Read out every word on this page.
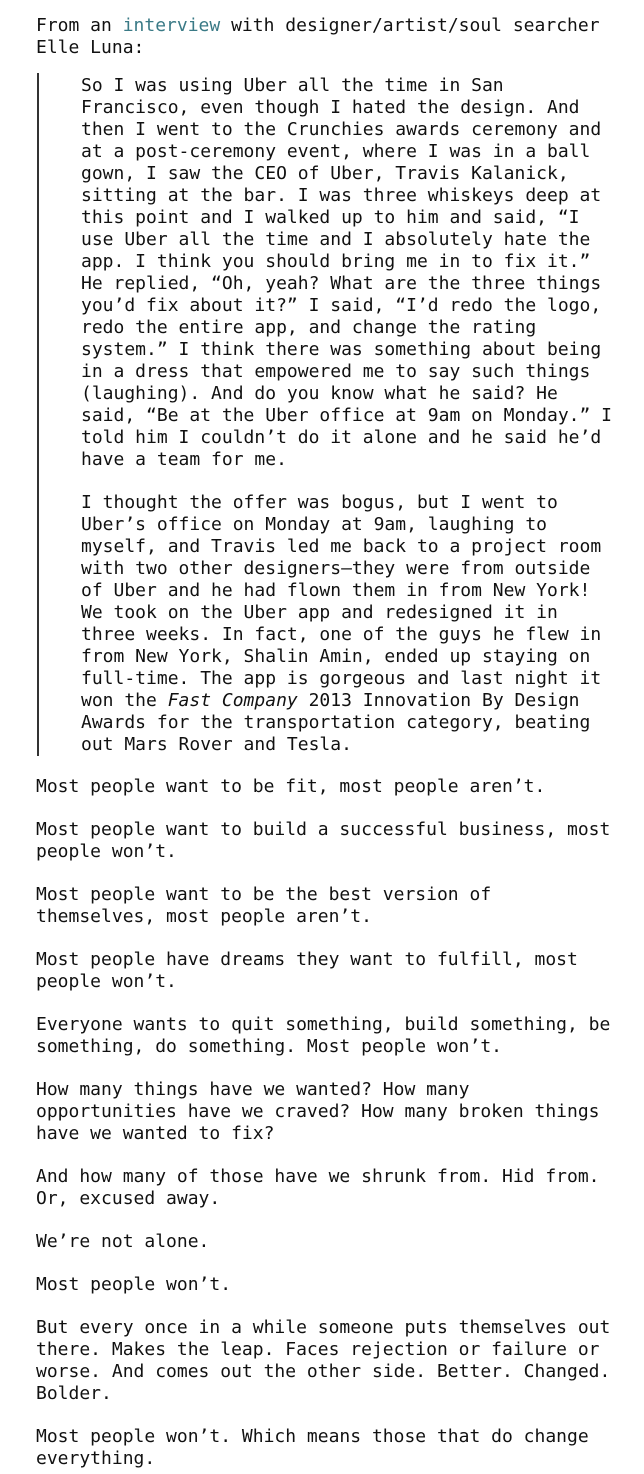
From an interview with designer/artist/soul searcher Elle Luna:

So I was using Uber all the time in San Francisco, even though I hated the design. And then I went to the Crunchies awards ceremony and at a post-ceremony event, where I was in a ball gown, I saw the CEO of Uber, Travis Kalanick, sitting at the bar. I was three whiskeys deep at this point and I walked up to him and said, “I use Uber all the time and I absolutely hate the app. I think you should bring me in to fix it.” He replied, “Oh, yeah? What are the three things you’d fix about it?” I said, “I’d redo the logo, redo the entire app, and change the rating system.” I think there was something about being in a dress that empowered me to say such things (laughing). And do you know what he said? He said, “Be at the Uber office at 9am on Monday.” I told him I couldn’t do it alone and he said he’d have a team for me.

I thought the offer was bogus, but I went to Uber’s office on Monday at 9am, laughing to myself, and Travis led me back to a project room with two other designers—they were from outside of Uber and he had flown them in from New York! We took on the Uber app and redesigned it in three weeks. In fact, one of the guys he flew in from New York, Shalin Amin, ended up staying on full-time. The app is gorgeous and last night it won the Fast Company 2013 Innovation By Design Awards for the transportation category, beating out Mars Rover and Tesla.

Most people want to be fit, most people aren’t.

Most people want to build a successful business, most people won’t.

Most people want to be the best version of themselves, most people aren’t.

Most people have dreams they want to fulfill, most people won’t.

Everyone wants to quit something, build something, be something, do something. Most people won’t.

How many things have we wanted? How many opportunities have we craved? How many broken things have we wanted to fix?

And how many of those have we shrunk from. Hid from. Or, excused away.

We’re not alone.

Most people won’t.

But every once in a while someone puts themselves out there. Makes the leap. Faces rejection or failure or worse. And comes out the other side. Better. Changed. Bolder.

Most people won’t. Which means those that do change everything.
